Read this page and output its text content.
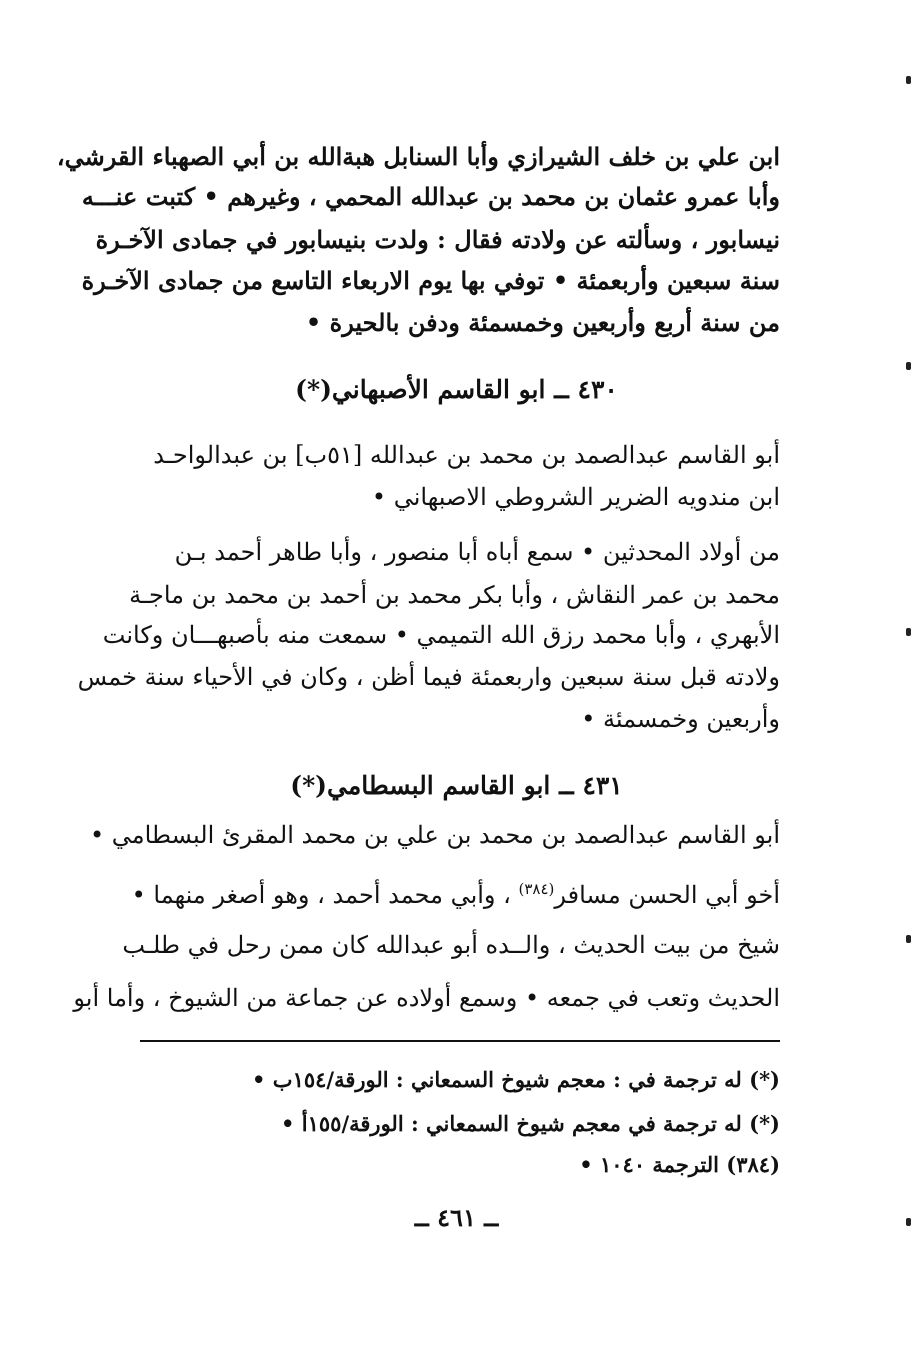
ابن علي بن خلف الشيرازي وأبا السنابل هبةالله بن أبي الصهباء القرشي،
وأبا عمرو عثمان بن محمد بن عبدالله المحمي ، وغيرهم • كتبت عنـــه
نيسابور ، وسألته عن ولادته فقال : ولدت بنيسابور في جمادى الآخـرة
سنة سبعين وأربعمئة • توفي بها يوم الاربعاء التاسع من جمادى الآخـرة
من سنة أربع وأربعين وخمسمئة ودفن بالحيرة •
٤٣٠ ــ ابو القاسم الأصبهاني(*)
أبو القاسم عبدالصمد بن محمد بن عبدالله [٥١ب] بن عبدالواحـد
ابن مندويه الضرير الشروطي الاصبهاني •
من أولاد المحدثين • سمع أباه أبا منصور ، وأبا طاهر أحمد بـن
محمد بن عمر النقاش ، وأبا بكر محمد بن أحمد بن محمد بن ماجـة
الأبهري ، وأبا محمد رزق الله التميمي • سمعت منه بأصبهـــان وكانت
ولادته قبل سنة سبعين واربعمئة فيما أظن ، وكان في الأحياء سنة خمس
وأربعين وخمسمئة •
٤٣١ ــ ابو القاسم البسطامي(*)
أبو القاسم عبدالصمد بن محمد بن علي بن محمد المقرئ البسطامي •
أخو أبي الحسن مسافر$^{(٣٨٤)}$ ، وأبي محمد أحمد ، وهو أصغر منهما •
شيخ من بيت الحديث ، والــده أبو عبدالله كان ممن رحل في طلـب
الحديث وتعب في جمعه • وسمع أولاده عن جماعة من الشيوخ ، وأما أبو
(*) له ترجمة في : معجم شيوخ السمعاني : الورقة/١٥٤ب •
(*) له ترجمة في معجم شيوخ السمعاني : الورقة/١٥٥أ •
(٣٨٤) الترجمة ١٠٤٠ •
ــ ٤٦١ ــ
